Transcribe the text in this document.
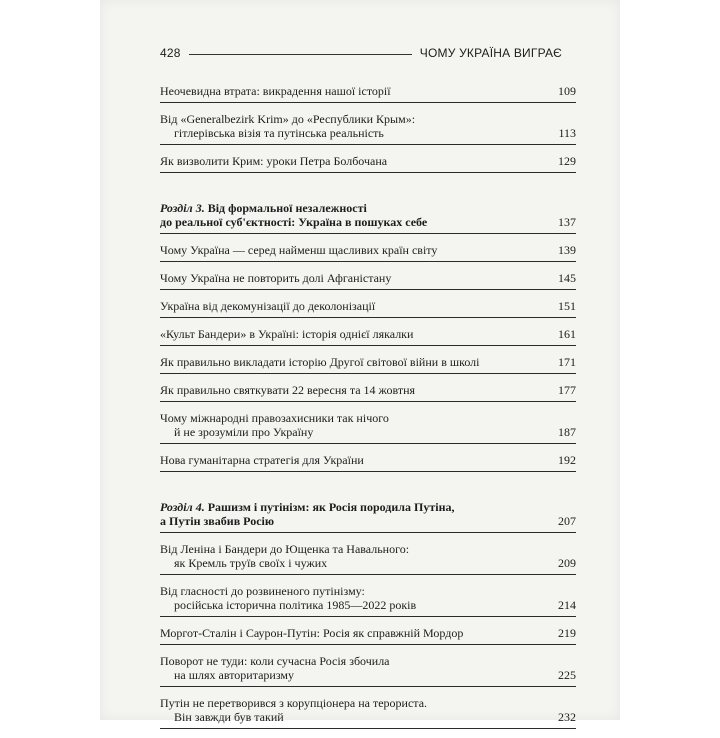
428	ЧОМУ УКРАЇНА ВИГРАЄ
Неочевидна втрата: викрадення нашої історії	109
Від «Generalbezirk Krim» до «Республики Крым»:
гітлерівська візія та путінська реальність	113
Як визволити Крим: уроки Петра Болбочана	129
Розділ 3. Від формальної незалежності
до реальної суб'єктності: Україна в пошуках себе	137
Чому Україна — серед найменш щасливих країн світу	139
Чому Україна не повторить долі Афганістану	145
Україна від декомунізації до деколонізації	151
«Культ Бандери» в Україні: історія однієї лякалки	161
Як правильно викладати історію Другої світової війни в школі	171
Як правильно святкувати 22 вересня та 14 жовтня	177
Чому міжнародні правозахисники так нічого
й не зрозуміли про Україну	187
Нова гуманітарна стратегія для України	192
Розділ 4. Рашизм і путінізм: як Росія породила Путіна,
а Путін звабив Росію	207
Від Леніна і Бандери до Ющенка та Навального:
як Кремль труїв своїх і чужих	209
Від гласності до розвиненого путінізму:
російська історична політика 1985—2022 років	214
Моргот-Сталін і Саурон-Путін: Росія як справжній Мордор	219
Поворот не туди: коли сучасна Росія збочила
на шлях авторитаризму	225
Путін не перетворився з корупціонера на терориста.
Він завжди був такий	232
